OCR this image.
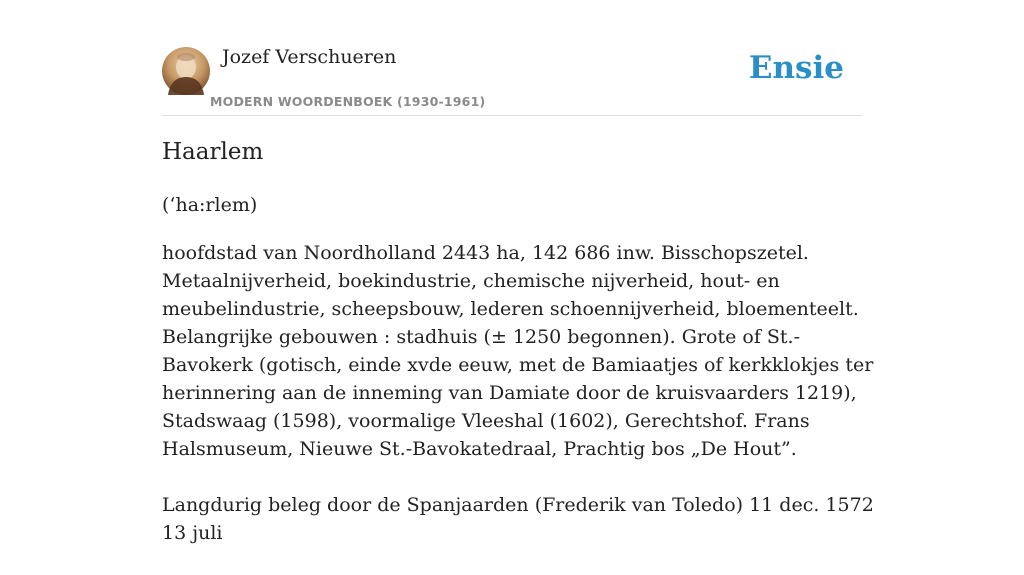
Jozef Verschueren
MODERN WOORDENBOEK (1930-1961)
Ensie
Haarlem

(‘ha:rlem)

hoofdstad van Noordholland 2443 ha, 142 686 inw. Bisschopszetel. Metaalnijverheid, boekindustrie, chemische nijverheid, hout- en meubelindustrie, scheepsbouw, lederen schoennijverheid, bloementeelt. Belangrijke gebouwen : stadhuis (± 1250 begonnen). Grote of St.-Bavokerk (gotisch, einde xvde eeuw, met de Bamiaatjes of kerkklokjes ter herinnering aan de inneming van Damiate door de kruisvaarders 1219), Stadswaag (1598), voormalige Vleeshal (1602), Gerechtshof. Frans Halsmuseum, Nieuwe St.-Bavokatedraal, Prachtig bos „De Hout”.

Langdurig beleg door de Spanjaarden (Frederik van Toledo) 11 dec. 1572 13 juli
